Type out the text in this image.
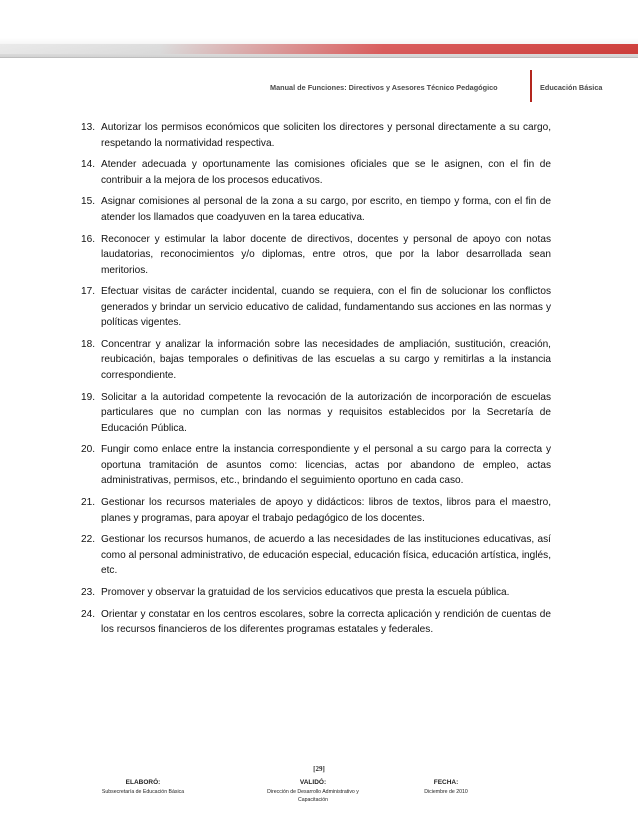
Manual de Funciones: Directivos y Asesores Técnico Pedagógico	Educación Básica
13. Autorizar los permisos económicos que soliciten los directores y personal directamente a su cargo, respetando la normatividad respectiva.
14. Atender adecuada y oportunamente las comisiones oficiales que se le asignen, con el fin de contribuir a la mejora de los procesos educativos.
15. Asignar comisiones al personal de la zona a su cargo, por escrito, en tiempo y forma, con el fin de atender los llamados que coadyuven en la tarea educativa.
16. Reconocer y estimular la labor docente de directivos, docentes y personal de apoyo con notas laudatorias, reconocimientos y/o diplomas, entre otros, que por la labor desarrollada sean meritorios.
17. Efectuar visitas de carácter incidental, cuando se requiera, con el fin de solucionar los conflictos generados y brindar un servicio educativo de calidad, fundamentando sus acciones en las normas y políticas vigentes.
18. Concentrar y analizar la información sobre las necesidades de ampliación, sustitución, creación, reubicación, bajas temporales o definitivas de las escuelas a su cargo y remitirlas a la instancia correspondiente.
19. Solicitar a la autoridad competente la revocación de la autorización de incorporación de escuelas particulares que no cumplan con las normas y requisitos establecidos por la Secretaría de Educación Pública.
20. Fungir como enlace entre la instancia correspondiente y el personal a su cargo para la correcta y oportuna tramitación de asuntos como: licencias, actas por abandono de empleo, actas administrativas, permisos, etc., brindando el seguimiento oportuno en cada caso.
21. Gestionar los recursos materiales de apoyo y didácticos: libros de textos, libros para el maestro, planes y programas, para apoyar el trabajo pedagógico de los docentes.
22. Gestionar los recursos humanos, de acuerdo a las necesidades de las instituciones educativas, así como al personal administrativo, de educación especial, educación física, educación artística, inglés, etc.
23. Promover y observar la gratuidad de los servicios educativos que presta la escuela pública.
24. Orientar y constatar en los centros escolares, sobre la correcta aplicación y rendición de cuentas de los recursos financieros de los diferentes programas estatales y federales.
[29]
ELABORÓ:
Subsecretaría de Educación Básica
VALIDÓ:
Dirección de Desarrollo Administrativo y Capacitación
FECHA:
Diciembre de 2010
